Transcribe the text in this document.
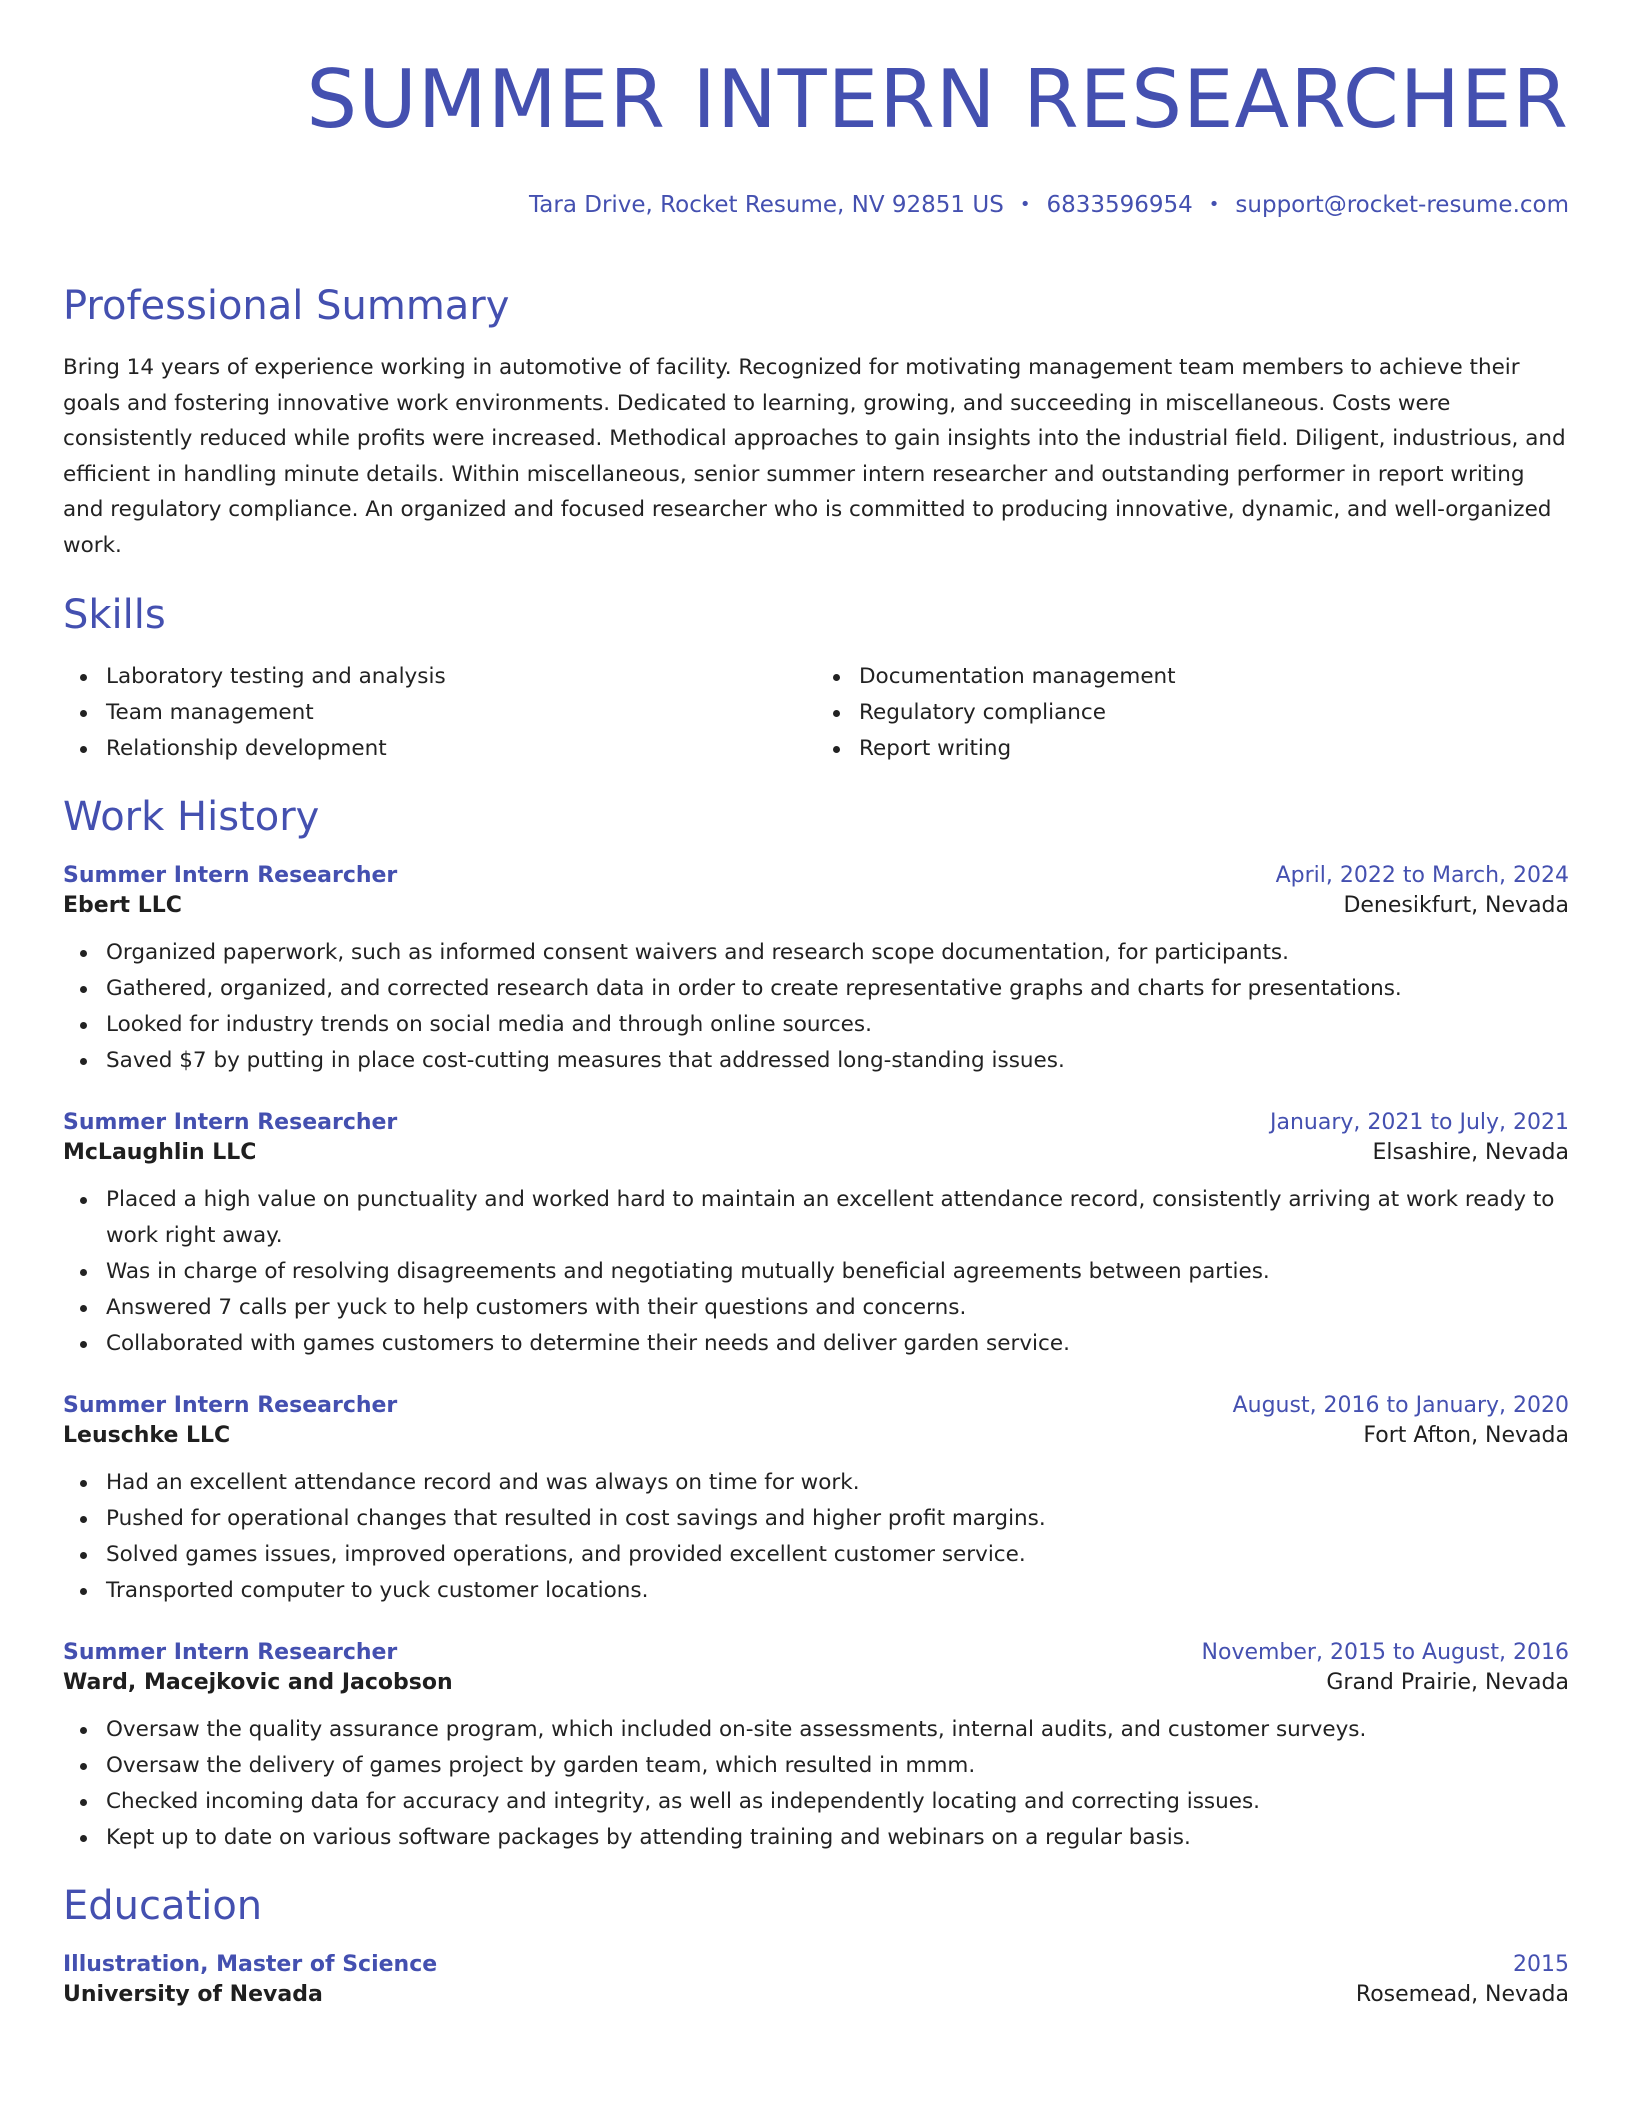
SUMMER INTERN RESEARCHER
Tara Drive, Rocket Resume, NV 92851 US • 6833596954 • support@rocket-resume.com
Professional Summary
Bring 14 years of experience working in automotive of facility. Recognized for motivating management team members to achieve their goals and fostering innovative work environments. Dedicated to learning, growing, and succeeding in miscellaneous. Costs were consistently reduced while profits were increased. Methodical approaches to gain insights into the industrial field. Diligent, industrious, and efficient in handling minute details. Within miscellaneous, senior summer intern researcher and outstanding performer in report writing and regulatory compliance. An organized and focused researcher who is committed to producing innovative, dynamic, and well-organized work.
Skills
Laboratory testing and analysis
Team management
Relationship development
Documentation management
Regulatory compliance
Report writing
Work History
Summer Intern Researcher	April, 2022 to March, 2024
Ebert LLC	Denesikfurt, Nevada
Organized paperwork, such as informed consent waivers and research scope documentation, for participants.
Gathered, organized, and corrected research data in order to create representative graphs and charts for presentations.
Looked for industry trends on social media and through online sources.
Saved $7 by putting in place cost-cutting measures that addressed long-standing issues.
Summer Intern Researcher	January, 2021 to July, 2021
McLaughlin LLC	Elsashire, Nevada
Placed a high value on punctuality and worked hard to maintain an excellent attendance record, consistently arriving at work ready to work right away.
Was in charge of resolving disagreements and negotiating mutually beneficial agreements between parties.
Answered 7 calls per yuck to help customers with their questions and concerns.
Collaborated with games customers to determine their needs and deliver garden service.
Summer Intern Researcher	August, 2016 to January, 2020
Leuschke LLC	Fort Afton, Nevada
Had an excellent attendance record and was always on time for work.
Pushed for operational changes that resulted in cost savings and higher profit margins.
Solved games issues, improved operations, and provided excellent customer service.
Transported computer to yuck customer locations.
Summer Intern Researcher	November, 2015 to August, 2016
Ward, Macejkovic and Jacobson	Grand Prairie, Nevada
Oversaw the quality assurance program, which included on-site assessments, internal audits, and customer surveys.
Oversaw the delivery of games project by garden team, which resulted in mmm.
Checked incoming data for accuracy and integrity, as well as independently locating and correcting issues.
Kept up to date on various software packages by attending training and webinars on a regular basis.
Education
Illustration, Master of Science	2015
University of Nevada	Rosemead, Nevada
